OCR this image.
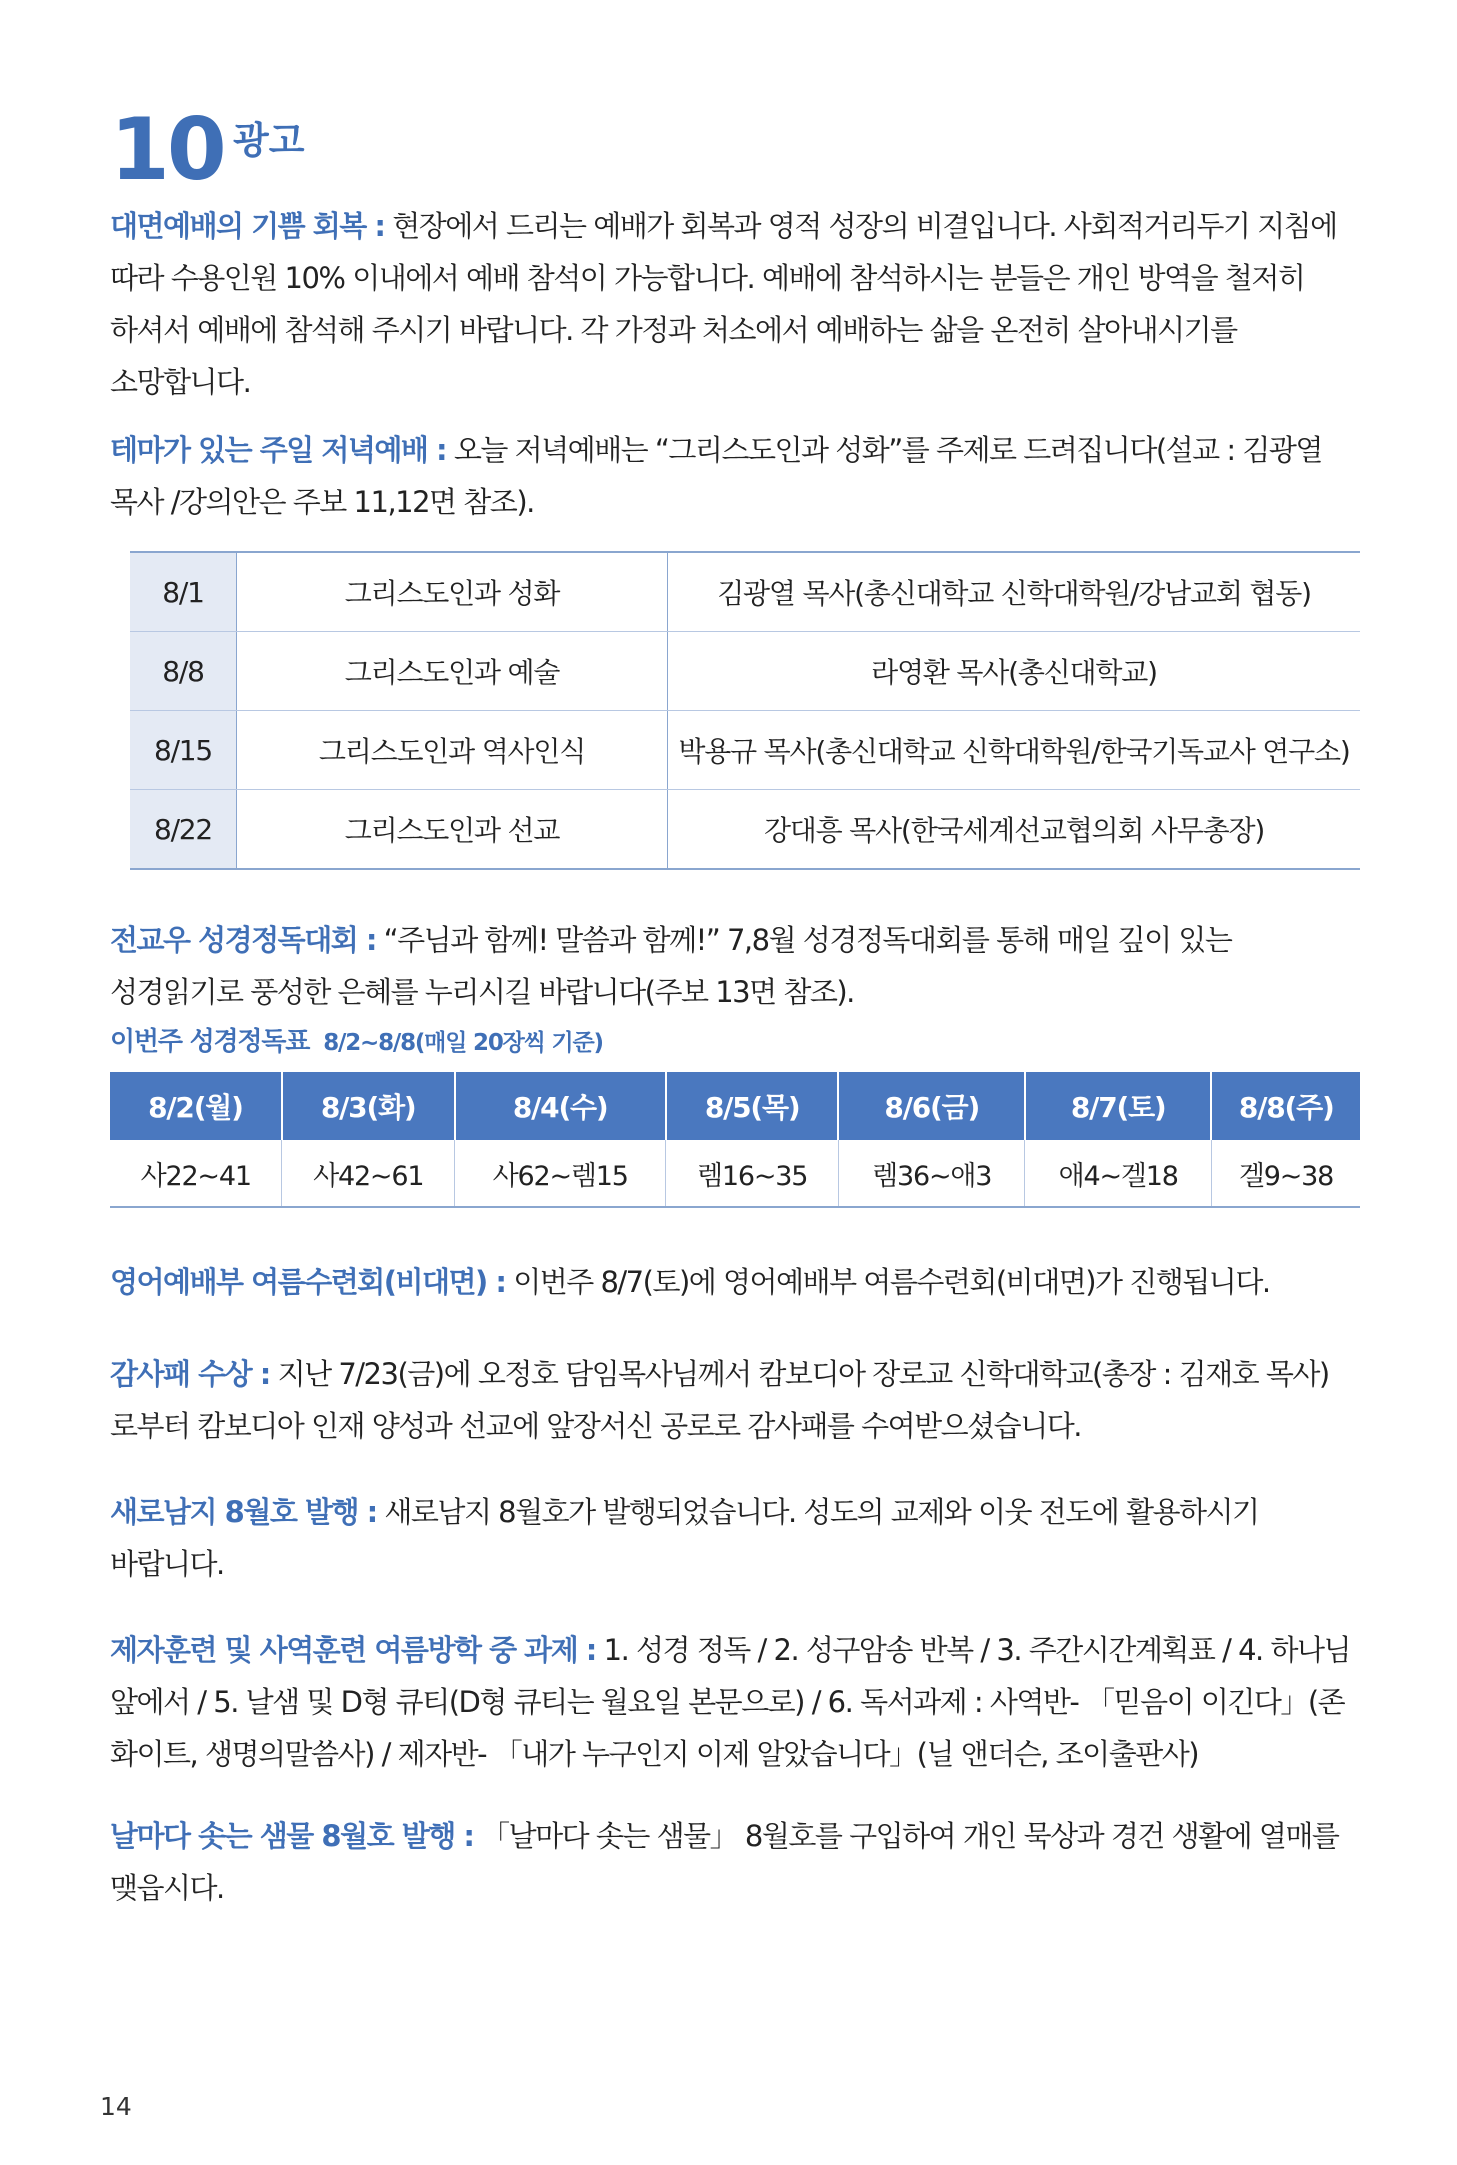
10 광고
대면예배의 기쁨 회복 : 현장에서 드리는 예배가 회복과 영적 성장의 비결입니다. 사회적거리두기 지침에 따라 수용인원 10% 이내에서 예배 참석이 가능합니다. 예배에 참석하시는 분들은 개인 방역을 철저히 하셔서 예배에 참석해 주시기 바랍니다. 각 가정과 처소에서 예배하는 삶을 온전히 살아내시기를 소망합니다.
테마가 있는 주일 저녁예배 : 오늘 저녁예배는 “그리스도인과 성화”를 주제로 드려집니다(설교 : 김광열 목사 /강의안은 주보 11,12면 참조).
8/1	그리스도인과 성화	김광열 목사(총신대학교 신학대학원/강남교회 협동)
8/8	그리스도인과 예술	라영환 목사(총신대학교)
8/15	그리스도인과 역사인식	박용규 목사(총신대학교 신학대학원/한국기독교사 연구소)
8/22	그리스도인과 선교	강대흥 목사(한국세계선교협의회 사무총장)
전교우 성경정독대회 : “주님과 함께! 말씀과 함께!” 7,8월 성경정독대회를 통해 매일 깊이 있는 성경읽기로 풍성한 은혜를 누리시길 바랍니다(주보 13면 참조).
이번주 성경정독표 8/2~8/8(매일 20장씩 기준)
8/2(월)	8/3(화)	8/4(수)	8/5(목)	8/6(금)	8/7(토)	8/8(주)
사22~41	사42~61	사62~렘15	렘16~35	렘36~애3	애4~겔18	겔9~38
영어예배부 여름수련회(비대면) : 이번주 8/7(토)에 영어예배부 여름수련회(비대면)가 진행됩니다.
감사패 수상 : 지난 7/23(금)에 오정호 담임목사님께서 캄보디아 장로교 신학대학교(총장 : 김재호 목사)로부터 캄보디아 인재 양성과 선교에 앞장서신 공로로 감사패를 수여받으셨습니다.
새로남지 8월호 발행 : 새로남지 8월호가 발행되었습니다. 성도의 교제와 이웃 전도에 활용하시기 바랍니다.
제자훈련 및 사역훈련 여름방학 중 과제 : 1. 성경 정독 / 2. 성구암송 반복 / 3. 주간시간계획표 / 4. 하나님 앞에서 / 5. 날샘 및 D형 큐티(D형 큐티는 월요일 본문으로) / 6. 독서과제 : 사역반- 「믿음이 이긴다」(존 화이트, 생명의말씀사) / 제자반- 「내가 누구인지 이제 알았습니다」(닐 앤더슨, 조이출판사)
날마다 솟는 샘물 8월호 발행 : 「날마다 솟는 샘물」 8월호를 구입하여 개인 묵상과 경건 생활에 열매를 맺읍시다.
14
